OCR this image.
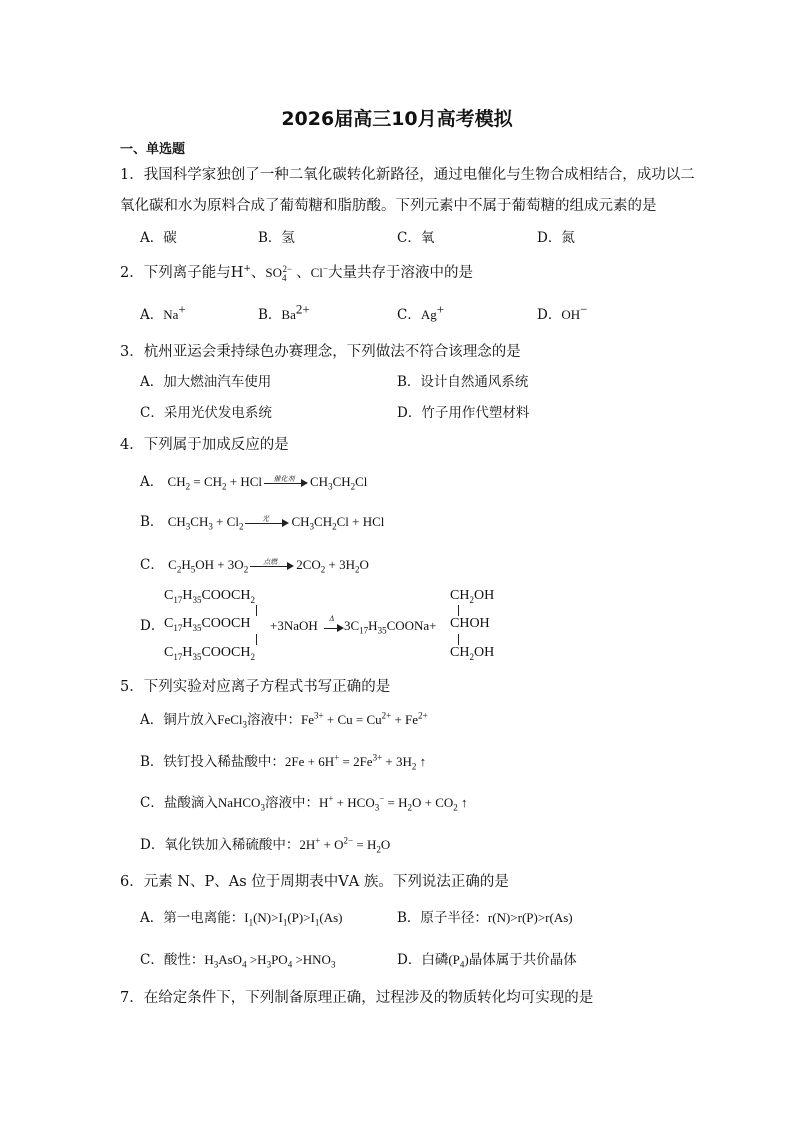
2026届高三10月高考模拟
一、单选题
1．我国科学家独创了一种二氧化碳转化新路径，通过电催化与生物合成相结合，成功以二
氧化碳和水为原料合成了葡萄糖和脂肪酸。下列元素中不属于葡萄糖的组成元素的是
A．碳	B．氢	C．氧	D．氮
2．下列离子能与H+、$SO_4^{2-}$ 、Cl−大量共存于溶液中的是
A．Na+	B．$Ba^{2+}$	C．Ag+	D．OH−
3．杭州亚运会秉持绿色办赛理念，下列做法不符合该理念的是
A．加大燃油汽车使用	B．设计自然通风系统
C．采用光伏发电系统	D．竹子用作代塑材料
4．下列属于加成反应的是
A． $CH_2 = CH_2$ + HCl	催化剂	$CH_3CH_2Cl$
B． $CH_3CH_3 + Cl_2$
光	$CH_3CH_2Cl$ + HCl
C． $C_2H_5OH + 3O_2$
点燃	$2CO_2 + 3H_2O$
$C_{17}H_{35}COOCH_2$
D． $C_{17}H_{35}COOCH$
$C_{17}H_{35}COOCH_2$
+3NaOH	Δ $3C_{17}H_{35}COONa+$
$CH_2OH$
CHOH
$CH_2OH$
5．下列实验对应离子方程式书写正确的是
A．铜片放入FeCl$_3$溶液中：$Fe^{3+} + Cu = Cu^{2+} + Fe^{2+}$
B．铁钉投入稀盐酸中：$2Fe + 6H^+ = 2Fe^{3+} + 3H_2$ ↑
C．盐酸滴入NaHCO$_3$溶液中：$H^+ + HCO_3^- = H_2O + CO_2$ ↑
D．氧化铁加入稀硫酸中：$2H^+ + O^{2-} = H_2O$
6．元素 N、P、As 位于周期表中ⅤA 族。下列说法正确的是
A．第一电离能：$I_1(N)>I_1(P)>I_1(As)$	B．原子半径：r(N)>r(P)>r(As)
C．酸性：$H_3AsO_4 >H_3PO_4 >HNO_3$	D．白磷$(P_4)$晶体属于共价晶体
7．在给定条件下，下列制备原理正确，过程涉及的物质转化均可实现的是
